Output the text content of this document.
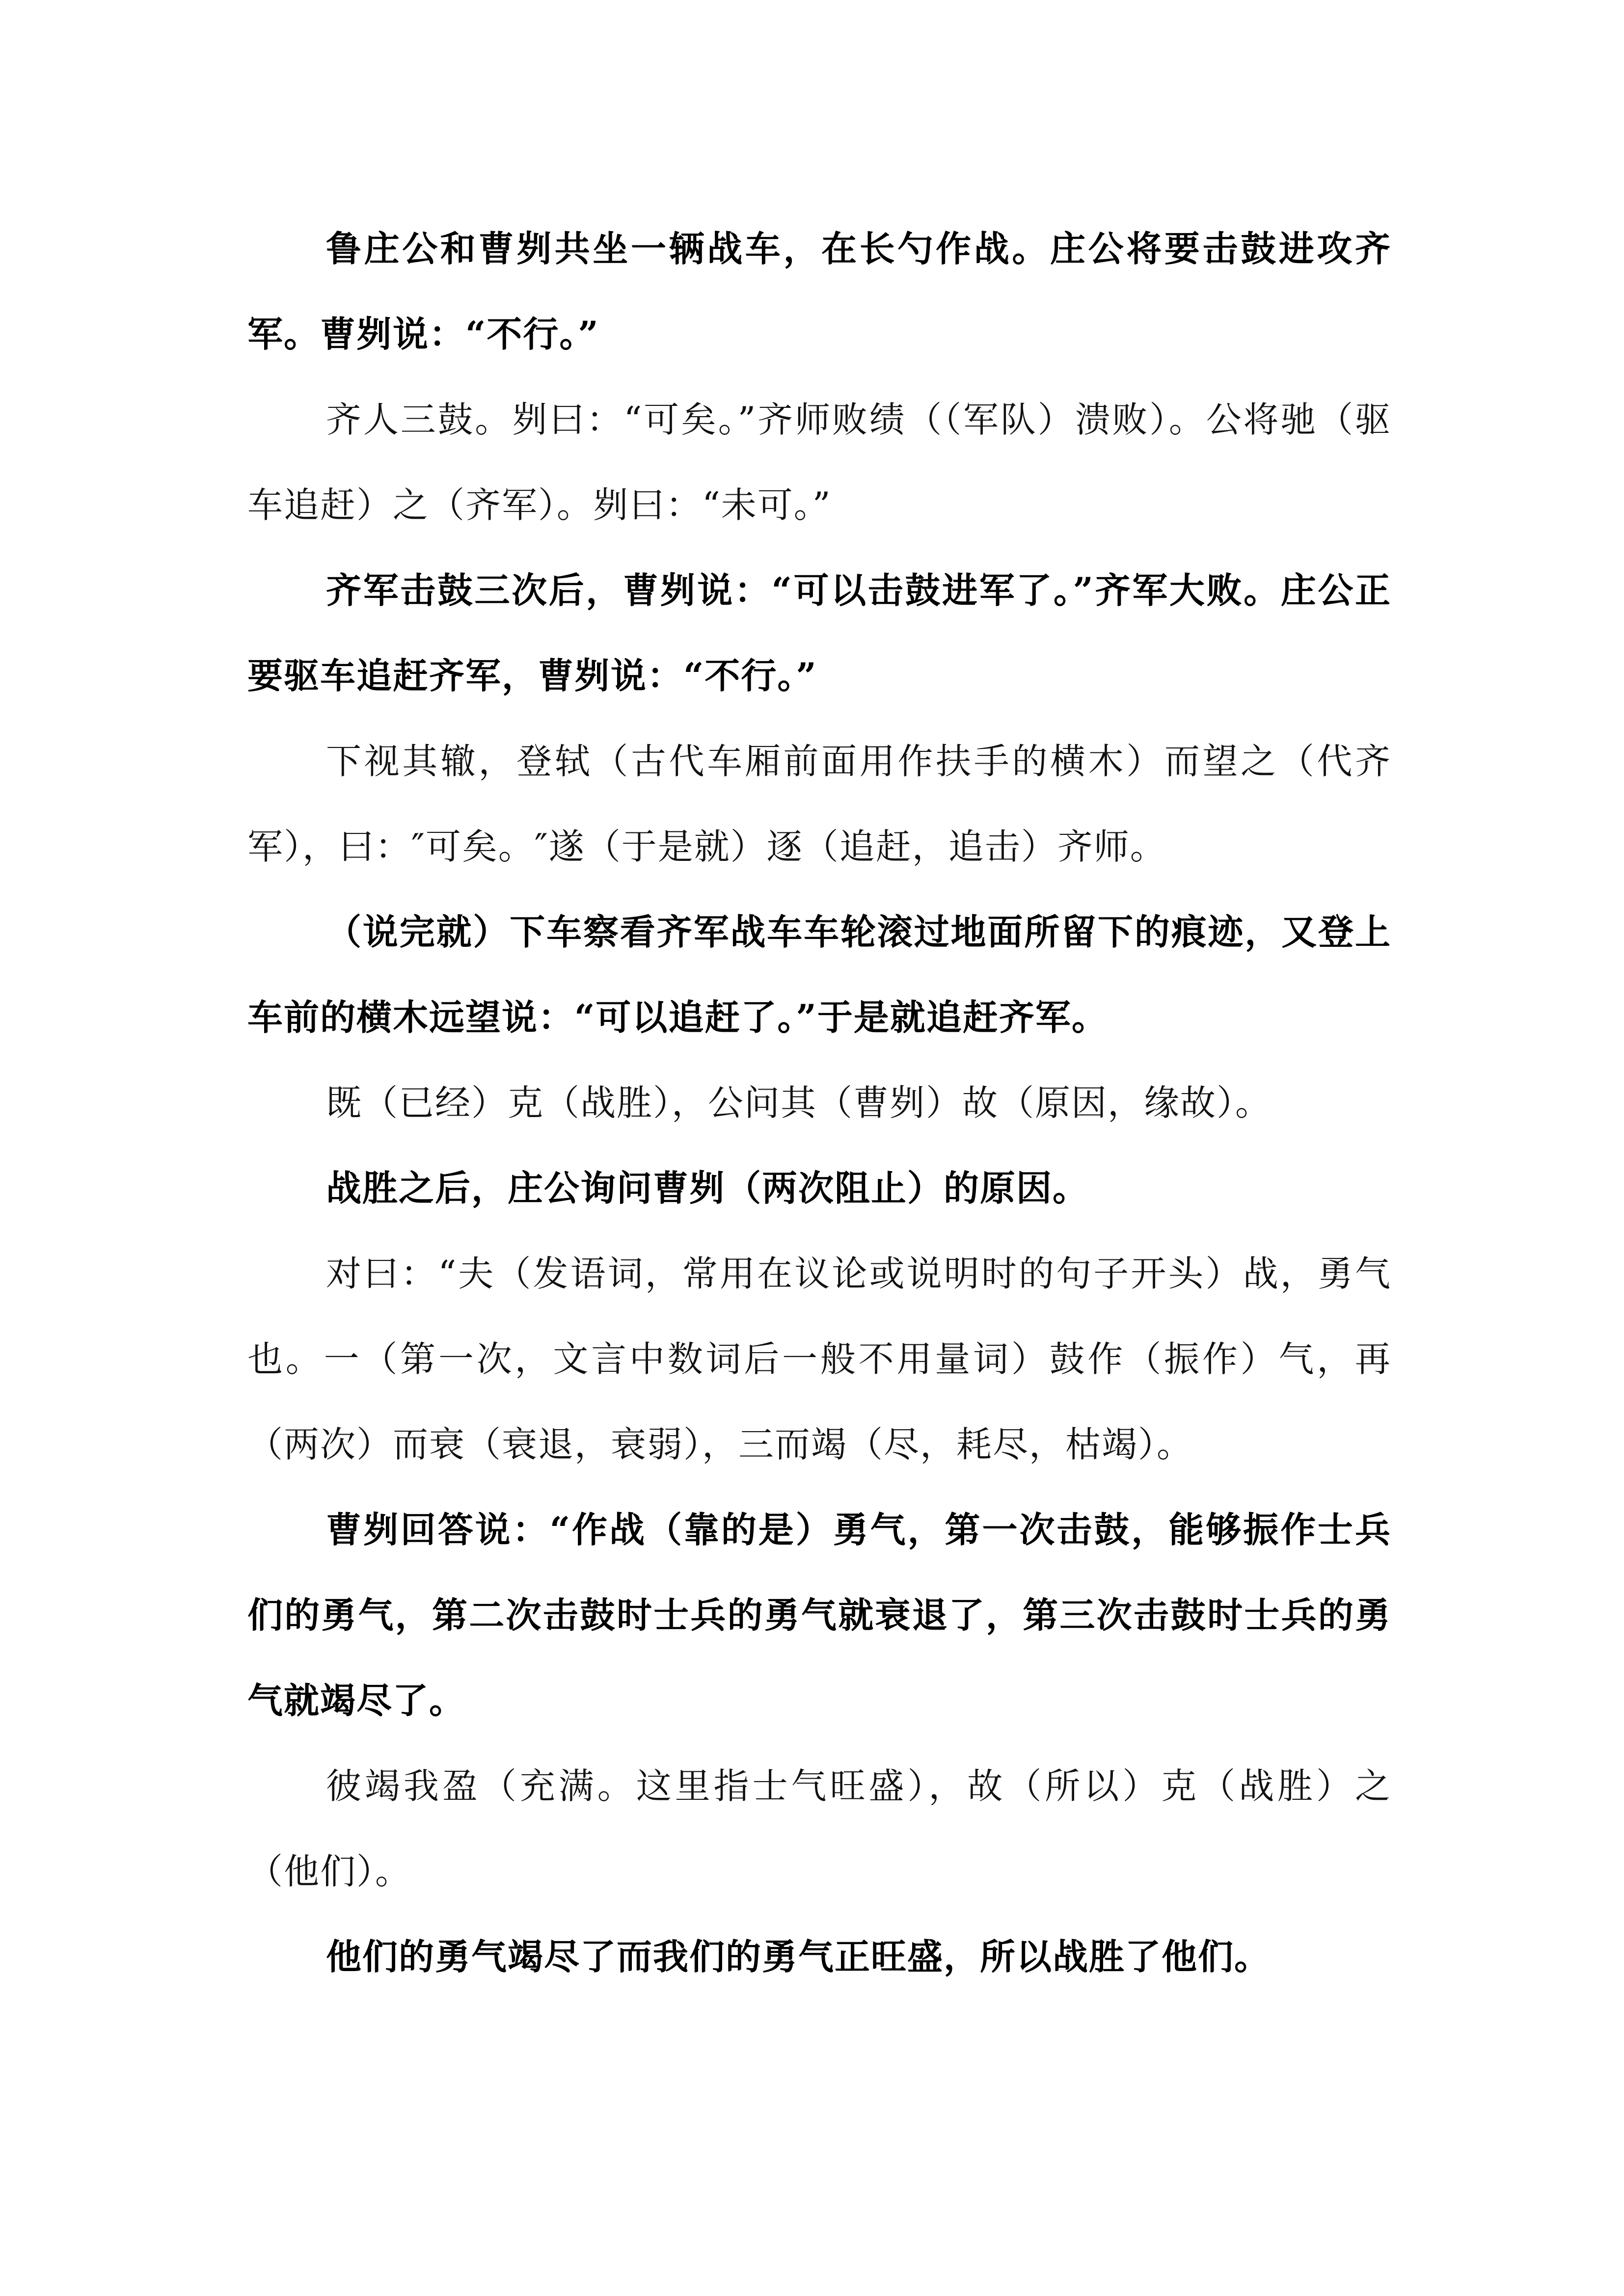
鲁庄公和曹刿共坐一辆战车，在长勺作战。庄公将要击鼓进攻齐军。曹刿说：“不行。”

齐人三鼓。刿曰：“可矣。”齐师败绩（（军队）溃败）。公将驰（驱车追赶）之（齐军）。刿曰：“未可。”

齐军击鼓三次后，曹刿说：“可以击鼓进军了。”齐军大败。庄公正要驱车追赶齐军，曹刿说：“不行。”

下视其辙，登轼（古代车厢前面用作扶手的横木）而望之（代齐军），曰：″可矣。″遂（于是就）逐（追赶，追击）齐师。

（说完就）下车察看齐军战车车轮滚过地面所留下的痕迹，又登上车前的横木远望说：“可以追赶了。”于是就追赶齐军。

既（已经）克（战胜），公问其（曹刿）故（原因，缘故）。

战胜之后，庄公询问曹刿（两次阻止）的原因。

对曰：“夫（发语词，常用在议论或说明时的句子开头）战，勇气也。一（第一次，文言中数词后一般不用量词）鼓作（振作）气，再（两次）而衰（衰退，衰弱），三而竭（尽，耗尽，枯竭）。

曹刿回答说：“作战（靠的是）勇气，第一次击鼓，能够振作士兵们的勇气，第二次击鼓时士兵的勇气就衰退了，第三次击鼓时士兵的勇气就竭尽了。

彼竭我盈（充满。这里指士气旺盛），故（所以）克（战胜）之（他们）。

他们的勇气竭尽了而我们的勇气正旺盛，所以战胜了他们。
